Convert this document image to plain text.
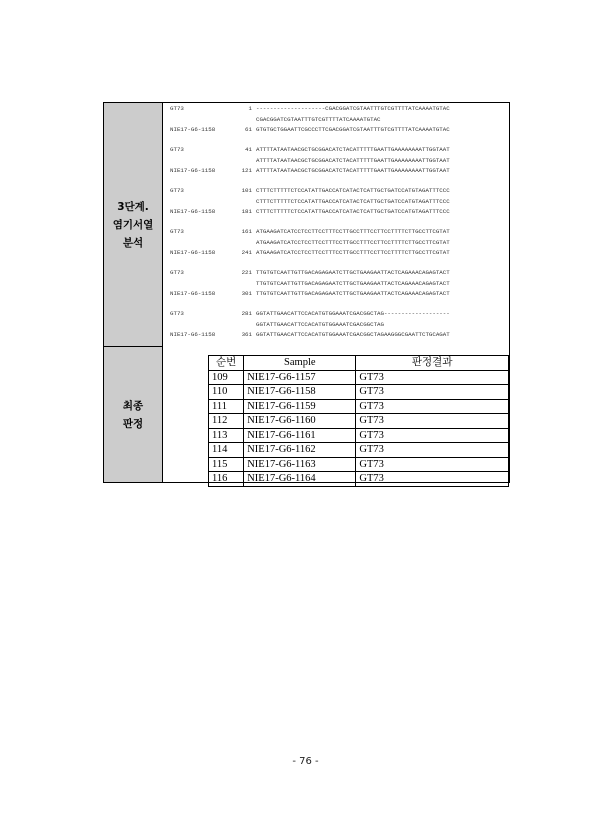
3단계.
염기서열
분석
GT73	1 --------------------CGACGGATCGTAATTTGTCGTTTTATCAAAATGTAC
CGACGGATCGTAATTTGTCGTTTTATCAAAATGTAC
NIE17-G6-1158	61 GTGTGCTGGAATTCGCCCTTCGACGGATCGTAATTTGTCGTTTTATCAAAATGTAC
GT73	41 ATTTTATAATAACGCTGCGGACATCTACATTTTTGAATTGAAAAAAAATTGGTAAT
ATTTTATAATAACGCTGCGGACATCTACATTTTTGAATTGAAAAAAAATTGGTAAT
NIE17-G6-1158	121 ATTTTATAATAACGCTGCGGACATCTACATTTTTGAATTGAAAAAAAATTGGTAAT
GT73	101 CTTTCTTTTTCTCCATATTGACCATCATACTCATTGCTGATCCATGTAGATTTCCC
CTTTCTTTTTCTCCATATTGACCATCATACTCATTGCTGATCCATGTAGATTTCCC
NIE17-G6-1158	181 CTTTCTTTTTCTCCATATTGACCATCATACTCATTGCTGATCCATGTAGATTTCCC
GT73	161 ATGAAGATCATCCTCCTTCCTTTCCTTGCCTTTCCTTCCTTTTCTTGCCTTCGTAT
ATGAAGATCATCCTCCTTCCTTTCCTTGCCTTTCCTTCCTTTTCTTGCCTTCGTAT
NIE17-G6-1158	241 ATGAAGATCATCCTCCTTCCTTTCCTTGCCTTTCCTTCCTTTTCTTGCCTTCGTAT
GT73	221 TTGTGTCAATTGTTGACAGAGAATCTTGCTGAAGAATTACTCAGAAACAGAGTACT
TTGTGTCAATTGTTGACAGAGAATCTTGCTGAAGAATTACTCAGAAACAGAGTACT
NIE17-G6-1158	301 TTGTGTCAATTGTTGACAGAGAATCTTGCTGAAGAATTACTCAGAAACAGAGTACT
GT73	281 GGTATTGAACATTCCACATGTGGAAATCGACGGCTAG-------------------
GGTATTGAACATTCCACATGTGGAAATCGACGGCTAG
NIE17-G6-1158	361 GGTATTGAACATTCCACATGTGGAAATCGACGGCTAGAAGGGCGAATTCTGCAGAT
최종
판정
순번	Sample	판정결과
109	NIE17-G6-1157	GT73
110	NIE17-G6-1158	GT73
111	NIE17-G6-1159	GT73
112	NIE17-G6-1160	GT73
113	NIE17-G6-1161	GT73
114	NIE17-G6-1162	GT73
115	NIE17-G6-1163	GT73
116	NIE17-G6-1164	GT73
- 76 -
